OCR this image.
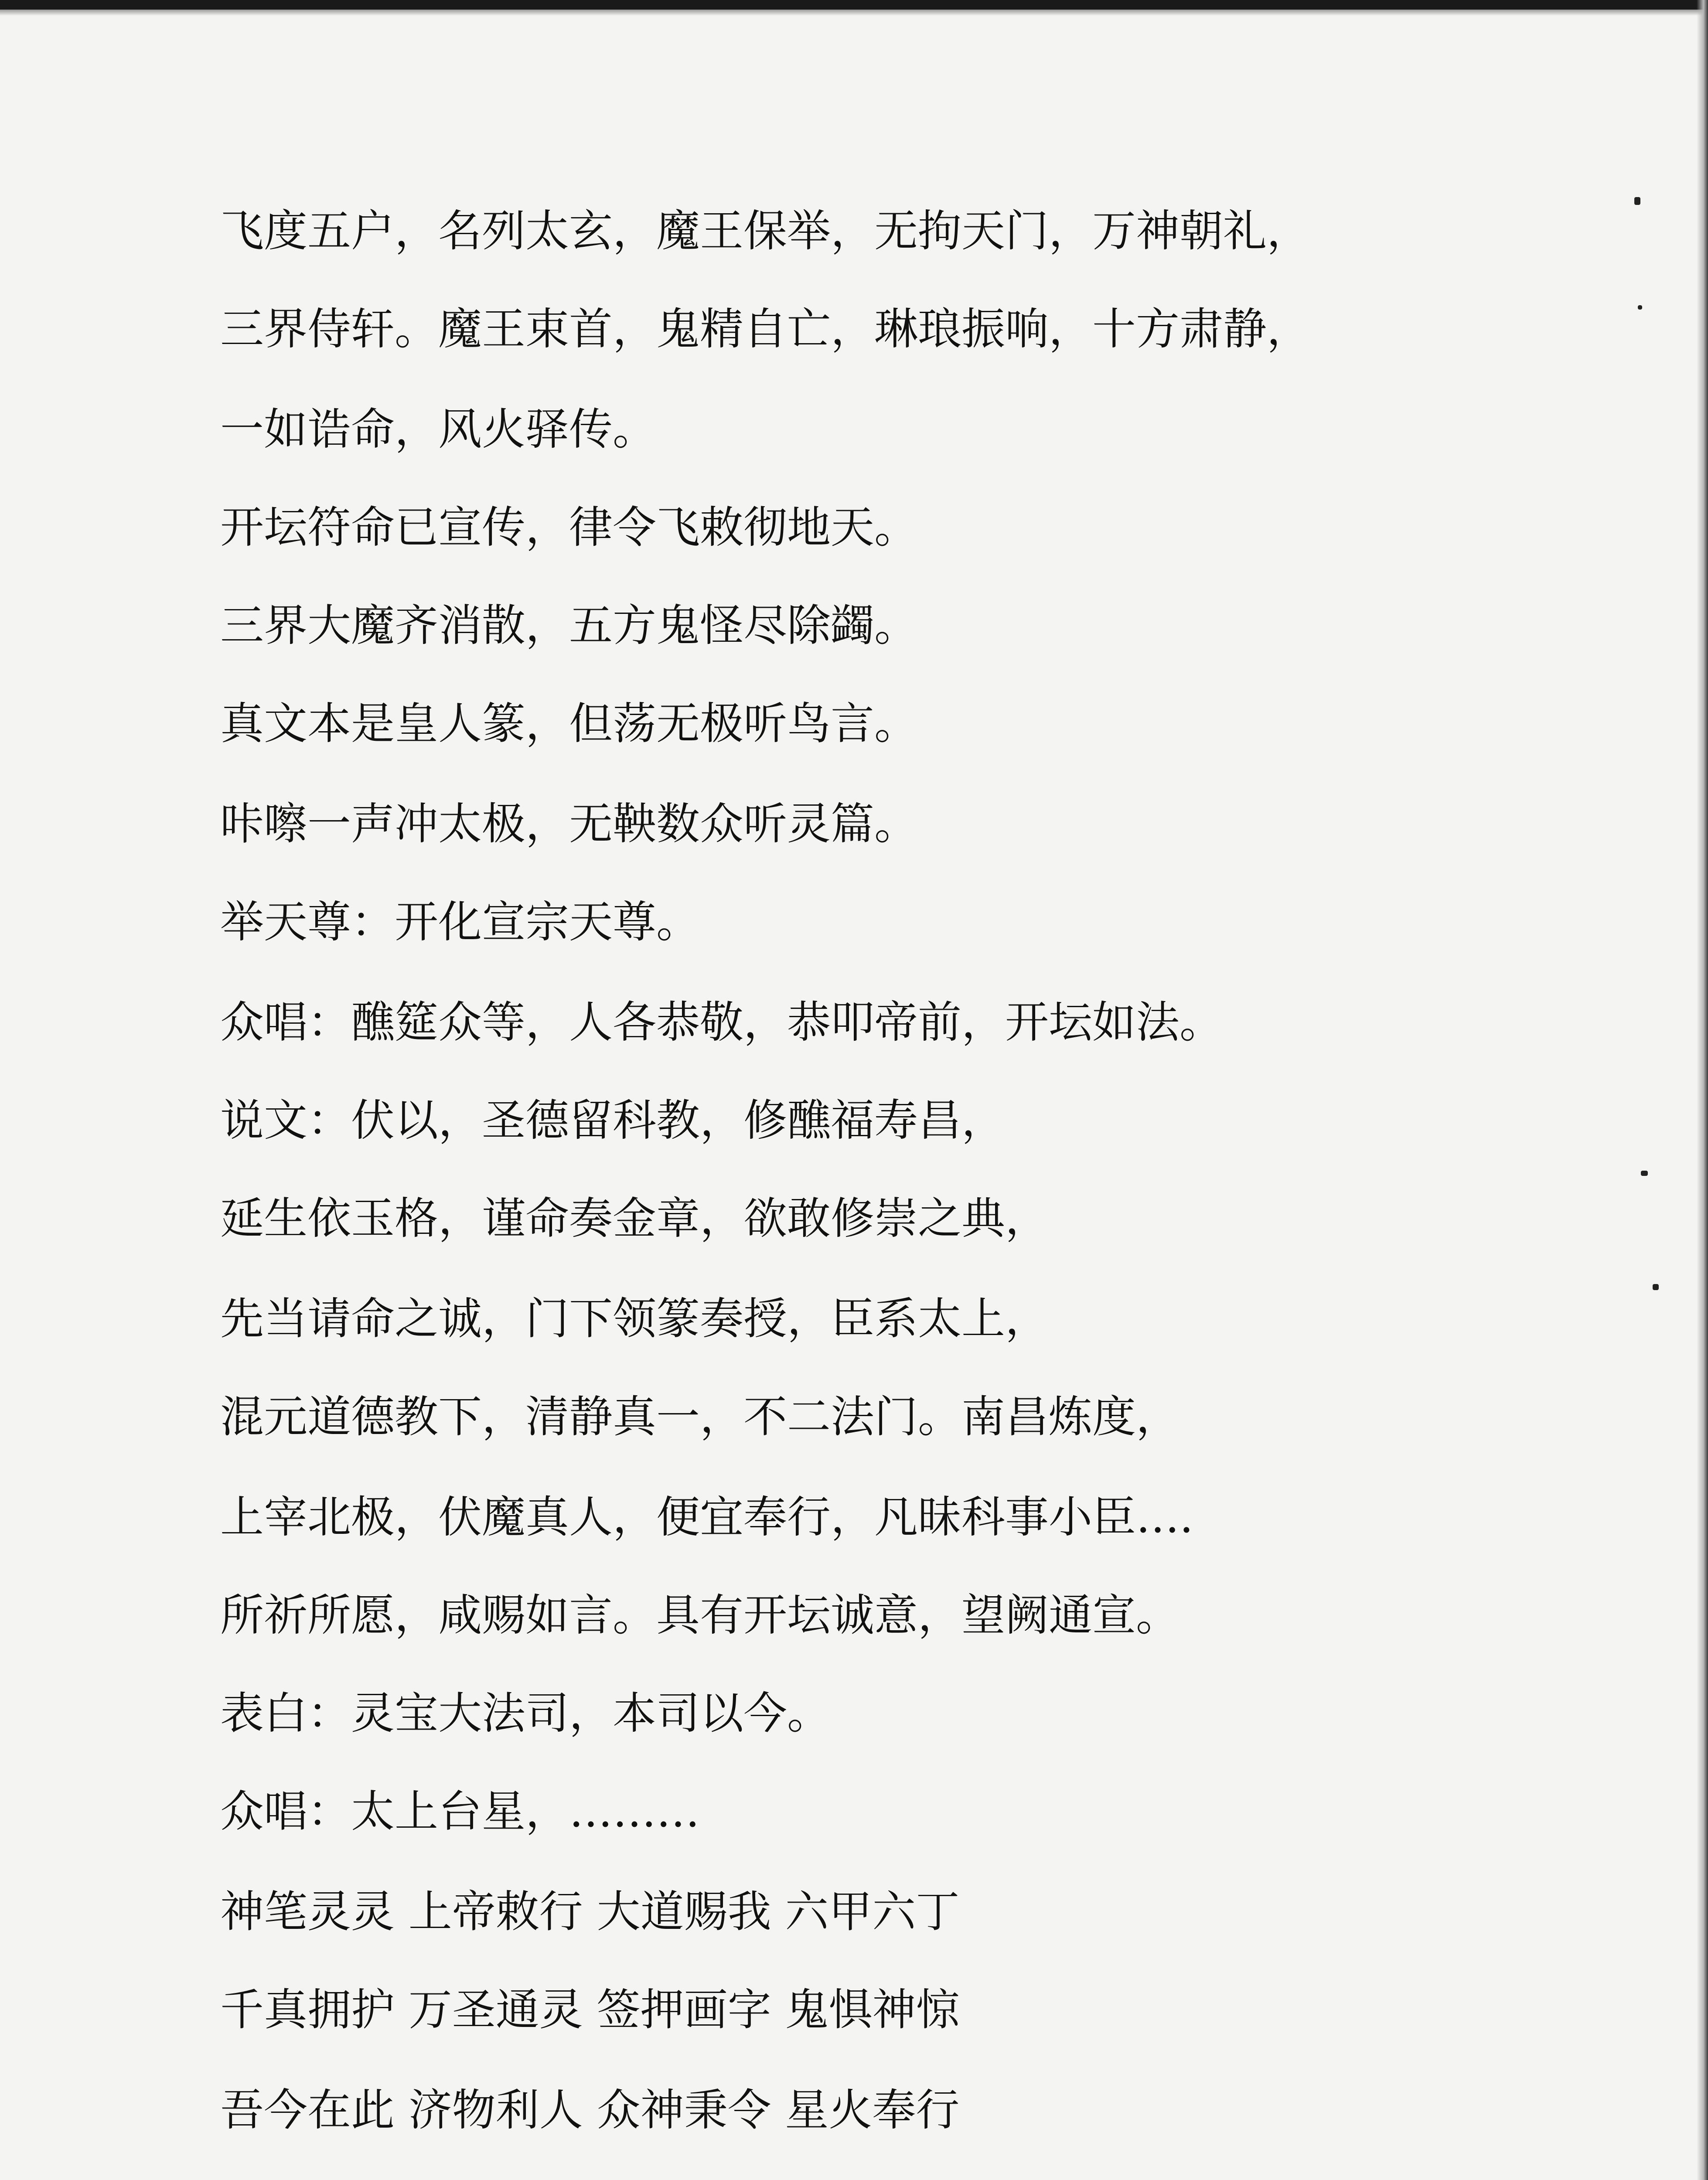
飞度五户，名列太玄，魔王保举，无拘天门，万神朝礼，
三界侍轩。魔王束首，鬼精自亡，琳琅振响，十方肃静，
一如诰命，风火驿传。
开坛符命已宣传，律令飞敕彻地天。
三界大魔齐消散，五方鬼怪尽除蠲。
真文本是皇人篆，但荡无极听鸟言。
咔嚓一声冲太极，无鞅数众听灵篇。
举天尊：开化宣宗天尊。
众唱：醮筵众等，人各恭敬，恭叩帝前，开坛如法。
说文：伏以，圣德留科教，修醮福寿昌，
延生依玉格，谨命奏金章，欲敢修崇之典，
先当请命之诚，门下领篆奏授，臣系太上，
混元道德教下，清静真一，不二法门。南昌炼度，
上宰北极，伏魔真人，便宜奉行，凡昧科事小臣….
所祈所愿，咸赐如言。具有开坛诚意，望阙通宣。
表白：灵宝大法司，本司以今。
众唱：太上台星，………
神笔灵灵 上帝敕行 大道赐我 六甲六丁
千真拥护 万圣通灵 签押画字 鬼惧神惊
吾今在此 济物利人 众神秉令 星火奉行
